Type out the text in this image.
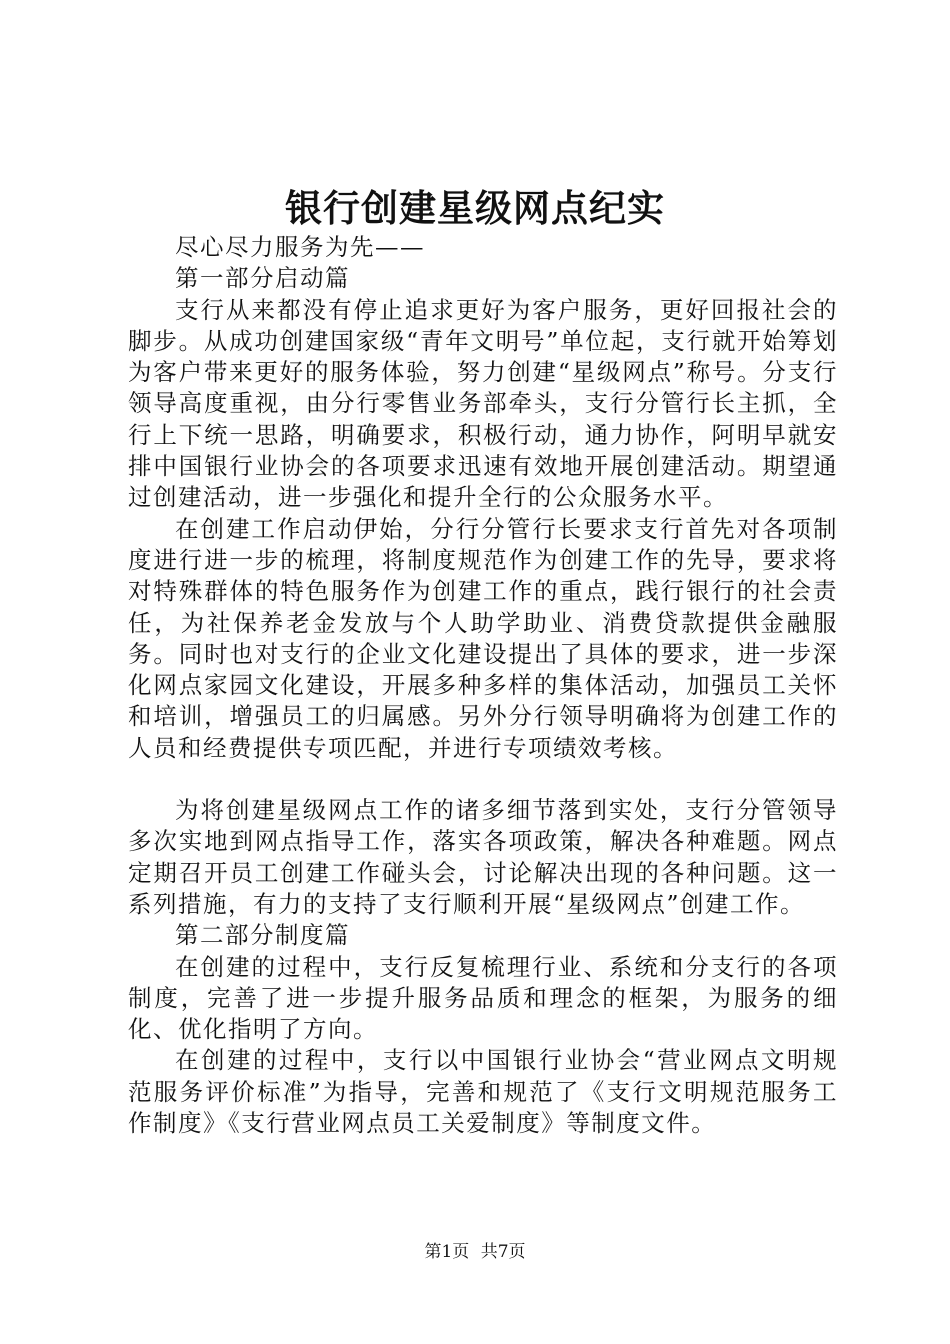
银行创建星级网点纪实

尽心尽力服务为先——

第一部分启动篇

支行从来都没有停止追求更好为客户服务，更好回报社会的脚步。从成功创建国家级“青年文明号”单位起，支行就开始筹划为客户带来更好的服务体验，努力创建“星级网点”称号。分支行领导高度重视，由分行零售业务部牵头，支行分管行长主抓，全行上下统一思路，明确要求，积极行动，通力协作，阿明早就安排中国银行业协会的各项要求迅速有效地开展创建活动。期望通过创建活动，进一步强化和提升全行的公众服务水平。

在创建工作启动伊始，分行分管行长要求支行首先对各项制度进行进一步的梳理，将制度规范作为创建工作的先导，要求将对特殊群体的特色服务作为创建工作的重点，践行银行的社会责任，为社保养老金发放与个人助学助业、消费贷款提供金融服务。同时也对支行的企业文化建设提出了具体的要求，进一步深化网点家园文化建设，开展多种多样的集体活动，加强员工关怀和培训，增强员工的归属感。另外分行领导明确将为创建工作的人员和经费提供专项匹配，并进行专项绩效考核。

为将创建星级网点工作的诸多细节落到实处，支行分管领导多次实地到网点指导工作，落实各项政策，解决各种难题。网点定期召开员工创建工作碰头会，讨论解决出现的各种问题。这一系列措施，有力的支持了支行顺利开展“星级网点”创建工作。

第二部分制度篇

在创建的过程中，支行反复梳理行业、系统和分支行的各项制度，完善了进一步提升服务品质和理念的框架，为服务的细化、优化指明了方向。

在创建的过程中，支行以中国银行业协会“营业网点文明规范服务评价标准”为指导，完善和规范了《支行文明规范服务工作制度》《支行营业网点员工关爱制度》等制度文件。

第1页 共7页
